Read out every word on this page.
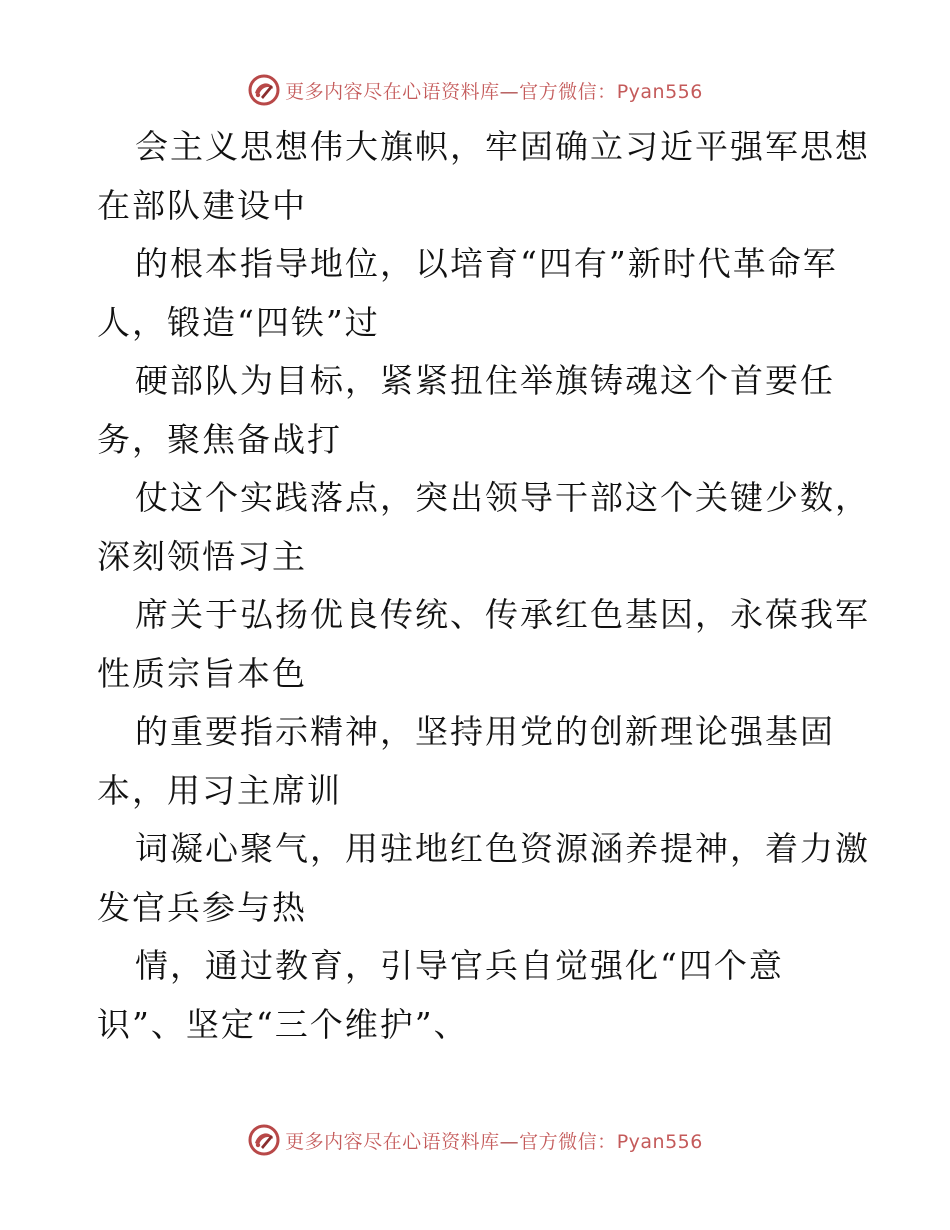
更多内容尽在心语资料库—官方微信：Pyan556
会主义思想伟大旗帜，牢固确立习近平强军思想
在部队建设中
的根本指导地位，以培育“四有”新时代革命军
人，锻造“四铁”过
硬部队为目标，紧紧扭住举旗铸魂这个首要任
务，聚焦备战打
仗这个实践落点，突出领导干部这个关键少数，
深刻领悟习主
席关于弘扬优良传统、传承红色基因，永葆我军
性质宗旨本色
的重要指示精神，坚持用党的创新理论强基固
本，用习主席训
词凝心聚气，用驻地红色资源涵养提神，着力激
发官兵参与热
情，通过教育，引导官兵自觉强化“四个意
识”、坚定“三个维护”、
更多内容尽在心语资料库—官方微信：Pyan556
